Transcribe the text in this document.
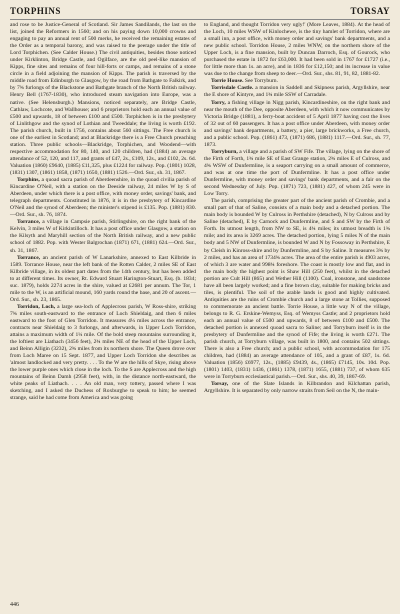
TORPHINS	TORSAY

and rose to be Justice-General of Scotland. Sir James Sandilands, the last on the list, joined the Reformers in 1560; and on his paying down 10,000 crowns and engaging to pay an annual rent of 500 merks, he received the remaining estates of the Order as a temporal barony, and was raised to the peerage under the title of Lord Torphichen. (See Calder House.) The civil antiquities, besides those noticed under Kirklinton, Bridge Castle, and Ogilface, are the old peel-like mansion of Kipps, fine sites and remains of four hill-forts or camps, and remains of a stone circle in a field adjoining the mansion of Kipps. The parish is traversed by the middle road from Edinburgh to Glasgow, by the road from Bathgate to Falkirk, and by 7¾ furlongs of the Blackstone and Bathgate branch of the North British railway. Henry Bell (1767-1830), who introduced steam navigation into Europe, was a native. (See Helensburgh.) Mansions, noticed separately, are Bridge Castle, Cathlaw, Lochcote, and Wallhouse; and 6 proprietors hold each an annual value of £500 and upwards, 18 of between £100 and £500. Torphichen is in the presbytery of Linlithgow and the synod of Lothian and Tweeddale; the living is worth £192. The parish church, built in 1756, contains about 560 sittings. The Free church is one of the earliest in Scotland; and at Blackridge there is a Free Church preaching station. Three public schools—Blackridge, Torphichen, and Woodend—with respective accommodation for 80, 140, and 120 children, had (1884) an average attendance of 52, 120, and 117, and grants of £47, 2s., £109, 12s., and £102, 2s. 6d. Valuation (1860) £9640, (1885) £11,325, plus £1224 for railway. Pop. (1801) 1028, (1831) 1307, (1861) 1858, (1871) 1650, (1881) 1526.—Ord. Sur., sh. 31, 1867.

Torphins, a quoad sacra parish of Aberdeenshire, in the quoad civilia parish of Kincardine O'Neil, with a station on the Deeside railway, 24 miles W by S of Aberdeen, under which there is a post office, with money order, savings' bank, and telegraph departments. Constituted in 1876, it is in the presbytery of Kincardine O'Neil and the synod of Aberdeen; the minister's stipend is £135. Pop. (1881) 830.—Ord. Sur., sh. 76, 1874.

Torrance, a village in Campsie parish, Stirlingshire, on the right bank of the Kelvin, 3 miles W of Kirkintilloch. It has a post office under Glasgow, a station on the Kilsyth and Maryhill section of the North British railway, and a new public school of 1882. Pop. with Wester Balgrochan (1871) 671, (1881) 624.—Ord. Sur., sh. 31, 1867.

Torrance, an ancient parish of W Lanarkshire, annexed to East Kilbride in 1589. Torrance House, near the left bank of the Rotten Calder, 2 miles SE of East Kilbride village, in its oldest part dates from the 14th century, but has been added to at different times. Its owner, Rt. Edward Stuart Harington-Stuart, Esq. (b. 1834; suc. 1879), holds 2274 acres in the shire, valued at £2681 per annum. The Tor, 1 mile to the W, is an artificial mound, 160 yards round the base, and 20 of ascent.—Ord. Sur., sh. 23, 1865.

Torridon, Loch, a large sea-loch of Applecross parish, W Ross-shire, striking 7¾ miles south-eastward to the entrance of Loch Shieldaig, and then 6 miles eastward to the foot of Glen Torridon. It measures 4¼ miles across the entrance, contracts near Shieldaig to 3 furlongs, and afterwards, in Upper Loch Torridon, attains a maximum width of 1¼ mile. Of the bold steep mountains surrounding it, the loftiest are Liathach (3456 feet), 2¾ miles NE of the head of the Upper Loch, and Beinn Alligin (3232), 2¾ miles from its northern shore. The Queen drove over from Loch Maree on 15 Sept. 1877, and Upper Loch Torridon she describes as 'almost landlocked and very pretty. . . . To the W are the hills of Skye, rising above the lower purple ones which close in the loch. To the S are Applecross and the high mountains of Beinn Damh (2958 feet), with, in the distance north-eastward, the white peaks of Liathach. . . . An old man, very tottery, passed where I was sketching, and I asked the Duchess of Roxburghe to speak to him; he seemed strange, said he had come from America and was going

to England, and thought Torridon very ugly!' (More Leaves, 1884). At the head of the Loch, 10 miles WSW of Kinlochewe, is the tiny hamlet of Torridon, where are a small inn, a post office, with money order and savings' bank departments, and a new public school. Torridon House, 2 miles WNW, on the northern shore of the Upper Loch, is a fine mansion, built by Duncan Darroch, Esq. of Gourock, who purchased the estate in 1872 for £63,000. It had been sold in 1767 for £1727 (i.e., for little more than 1s. an acre), and in 1836 for £12,150; and its increase in value was due to the change from sheep to deer.—Ord. Sur., shs. 81, 91, 82, 1881-82.

Torrie House. See Torryburn.

Torrisdale Castle. a mansion in Saddell and Skipness parish, Argyllshire, near the E shore of Kintyre, and 1¾ mile SSW of Carradale.

Torry, a fishing village in Nigg parish, Kincardineshire, on the right bank and near the mouth of the Dee, opposite Aberdeen, with which it now communicates by Victoria Bridge (1881), a ferry-boat accident of 5 April 1877 having cost the lives of 32 out of 60 passengers. It has a post office under Aberdeen, with money order and savings' bank departments, a battery, a pier, large brickworks, a Free church, and a public school. Pop. (1861) 473, (1871) 686, (1881) 1117.—Ord. Sur., sh. 77, 1873.

Torryburn, a village and a parish of SW Fife. The village, lying on the shore of the Firth of Forth, 1¾ mile SE of East Grange station, 2¾ miles E of Culross, and 4¾ WSW of Dunfermline, is a seaport carrying on a small amount of commerce, and was at one time the port of Dunfermline. It has a post office under Dunfermline, with money order and savings' bank departments, and a fair on the second Wednesday of July. Pop. (1871) 723, (1881) 427, of whom 245 were in Low Torry.

The parish, comprising the greater part of the ancient parish of Crombie, and a small part of that of Saline, consists of a main body and a detached portion. The main body is bounded W by Culross in Perthshire (detached), N by Culross and by Saline (detached), E by Carnock and Dunfermline, and S and SW by the Firth of Forth. Its utmost length, from NW to SE, is 4¾ miles; its utmost breadth is 1¾ mile; and its area is 3269 acres. The detached portion, lying 5 miles N of the main body and 5 NW of Dunfermline, is bounded W and N by Fossoway in Perthshire, E by Cleish in Kinross-shire and by Dunfermline, and S by Saline. It measures 3¾ by 2 miles, and has an area of 1734¾ acres. The area of the entire parish is 4903 acres, of which 3 are water and 998¾ foreshore. The coast is mostly low and flat, and in the main body the highest point is Shaw Hill (250 feet), whilst in the detached portion are Cult Hill (865) and Wether Hill (1100). Coal, ironstone, and sandstone have all been largely worked; and a fine brown clay, suitable for making bricks and tiles, is plentiful. The soil of the arable lands is good and highly cultivated. Antiquities are the ruins of Crombie church and a large stone at Tollies, supposed to commemorate an ancient battle. Torrie House, a little way N of the village, belongs to R. G. Erskine-Wemyss, Esq. of Wemyss Castle; and 2 proprietors hold each an annual value of £500 and upwards, 8 of between £100 and £500. The detached portion is annexed quoad sacra to Saline; and Torryburn itself is in the presbytery of Dunfermline and the synod of Fife; the living is worth £271. The parish church, at Torryburn village, was built in 1800, and contains 502 sittings. There is also a Free church; and a public school, with accommodation for 175 children, had (1884) an average attendance of 105, and a grant of £87, 1s. 6d. Valuation (1856) £6977, 12s., (1885) £9439, 4s., (1865) £7145, 10s. 10d. Pop. (1801) 1403, (1831) 1436, (1861) 1378, (1871) 1655, (1881) 737, of whom 635 were in Torryburn ecclesiastical parish.—Ord. Sur., shs. 40, 39, 1867-69.

Torsay, one of the Slate Islands in Kilbrandon and Kilchattan parish, Argyllshire. It is separated by only narrow straits from Seil on the N, the main-

446
